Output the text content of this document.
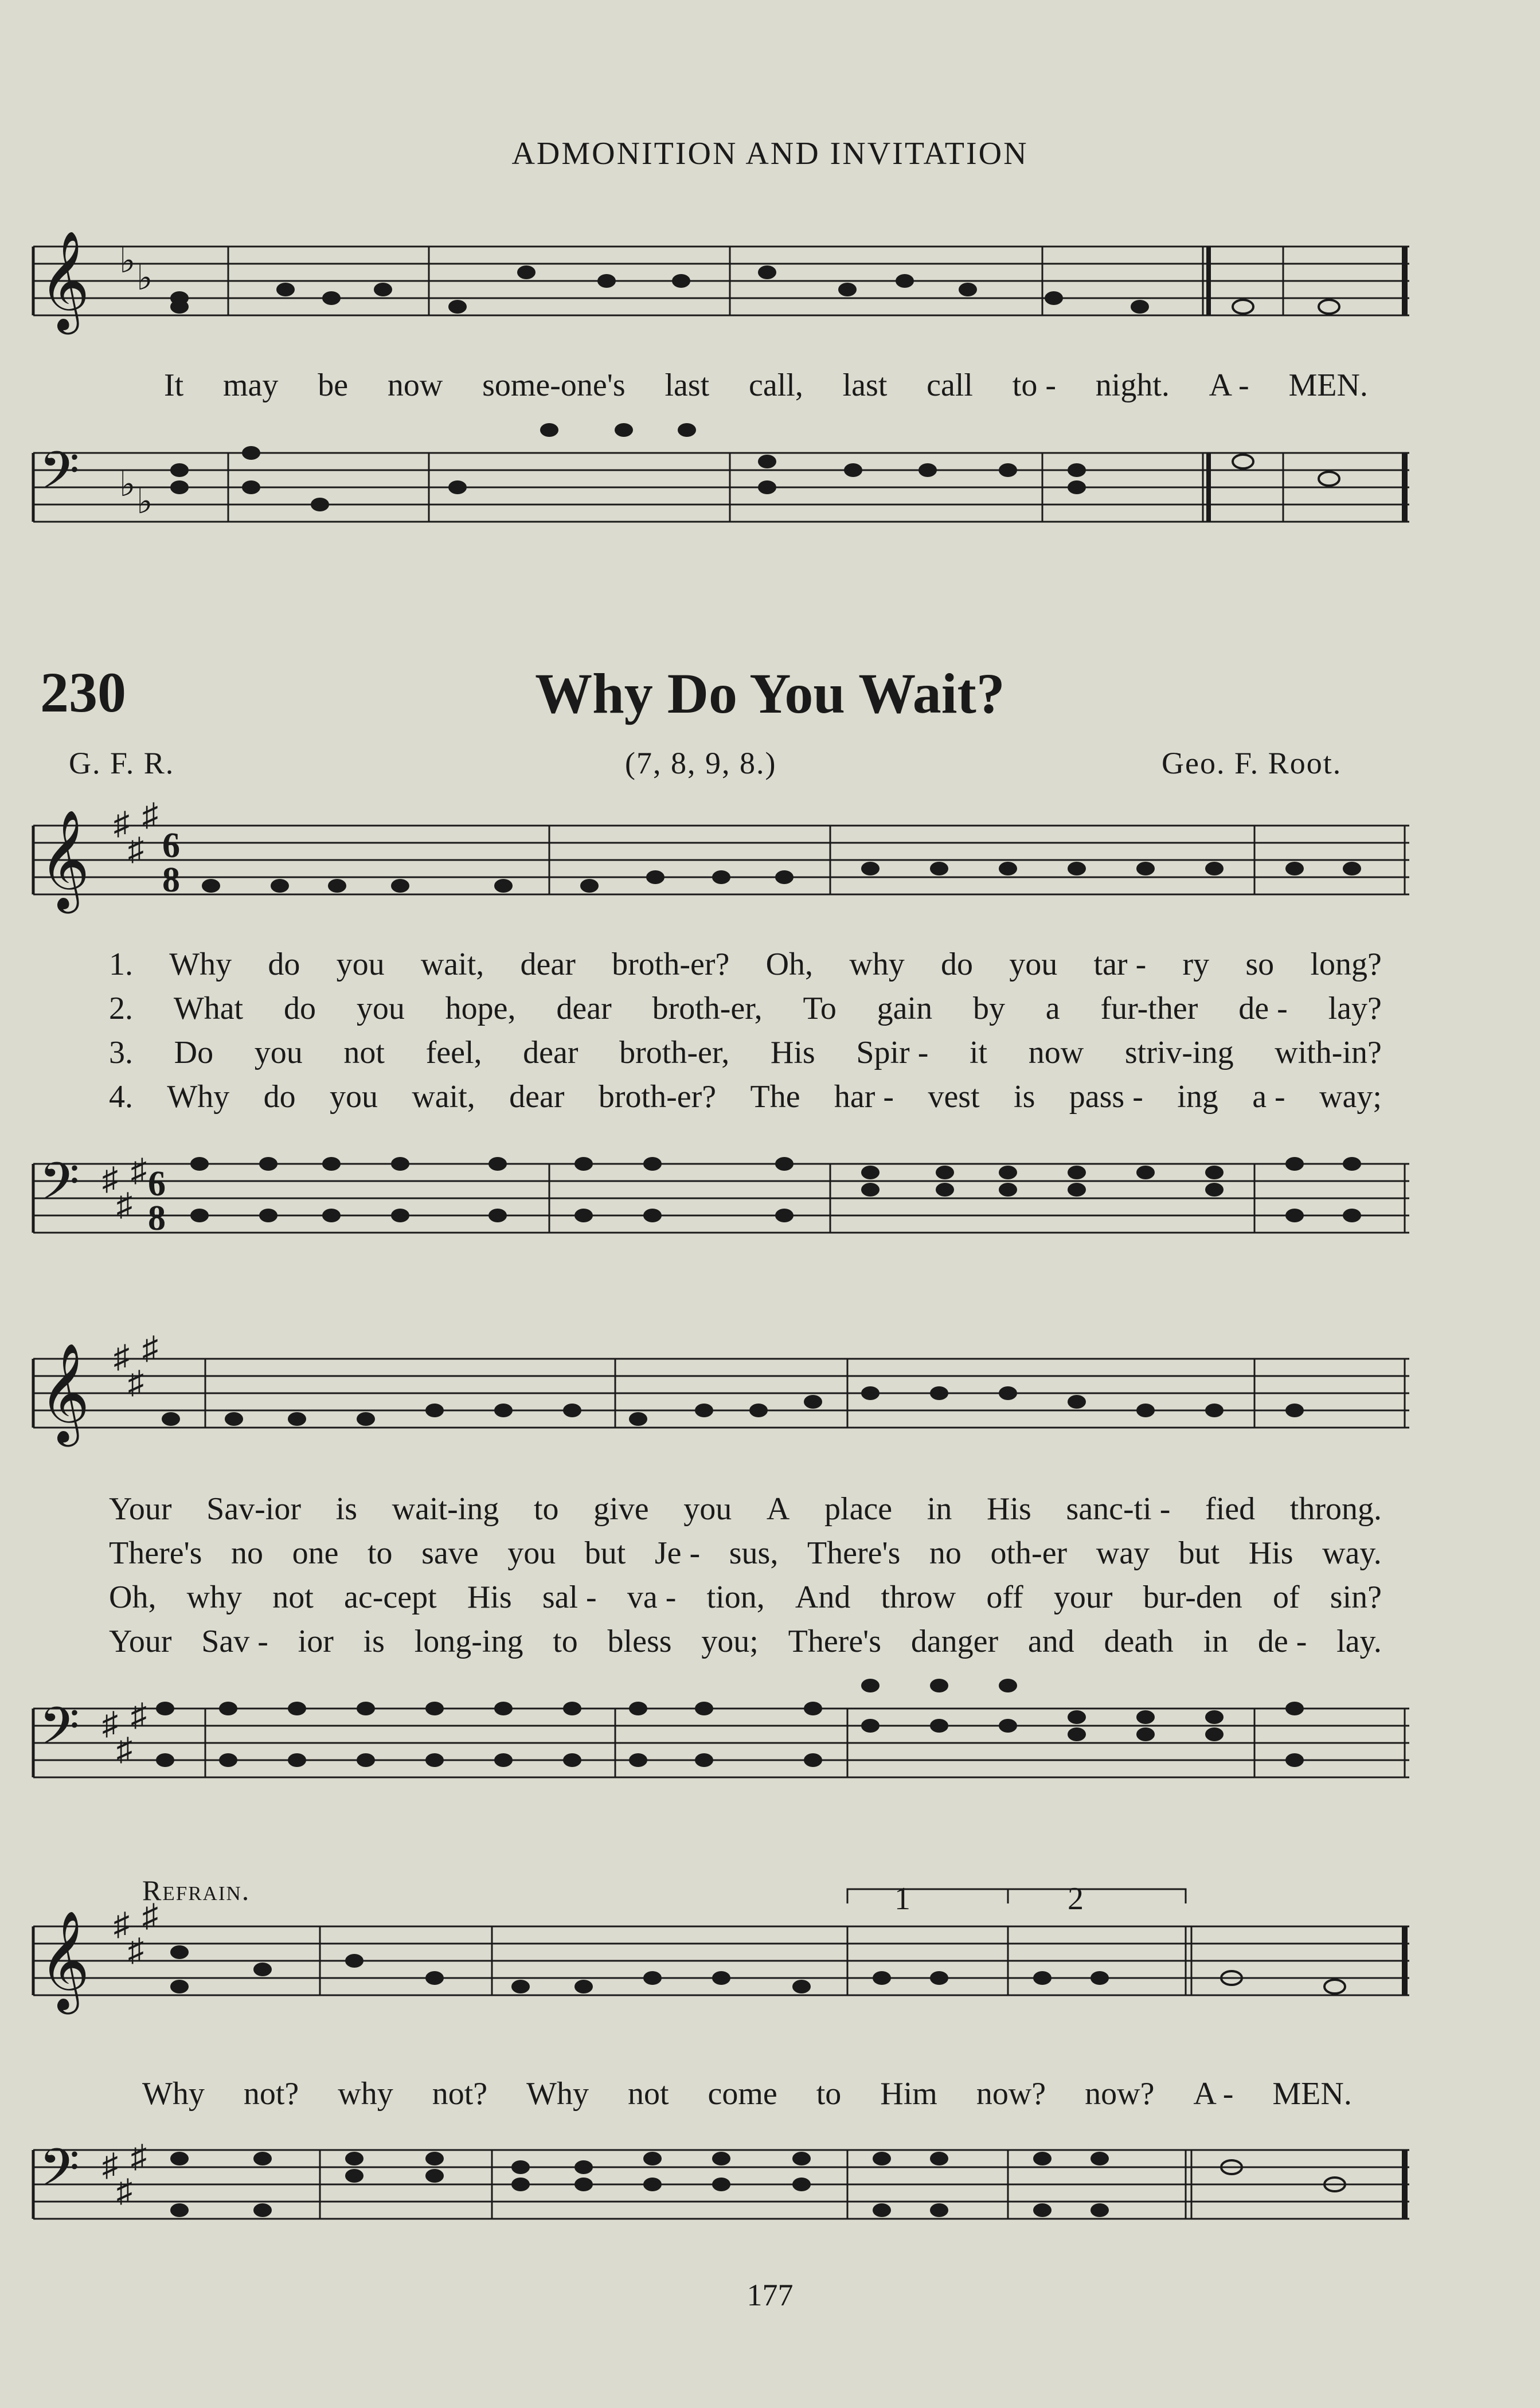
ADMONITION AND INVITATION
𝄞 ♭ ♭
It may be now some-one's last call, last call to - night. A - MEN.
𝄢 ♭ ♭
230	Why Do You Wait?
G. F. R.	(7, 8, 9, 8.)	Geo. F. Root.
𝄞 ♯
♯
♯
6
8
1. Why do you wait, dear broth-er? Oh, why do you tar - ry so long?
2. What do you hope, dear broth-er, To gain by a fur-ther de - lay?
3. Do you not feel, dear broth-er, His Spir - it now striv-ing with-in?
4. Why do you wait, dear broth-er? The har - vest is pass - ing a - way;
𝄢 ♯
♯
♯ 6
8
𝄞 ♯
♯
♯
Your Sav-ior is wait-ing to give you A place in His sanc-ti - fied throng.
There's no one to save you but Je - sus, There's no oth-er way but His way.
Oh, why not ac-cept His sal - va - tion, And throw off your bur-den of sin?
Your Sav - ior is long-ing to bless you; There's danger and death in de - lay.
𝄢 ♯
♯
♯
Refrain.	1	2
𝄞 ♯
♯
♯
Why not? why not? Why not come to Him now? now? A - MEN.
𝄢 ♯
♯
♯
177
